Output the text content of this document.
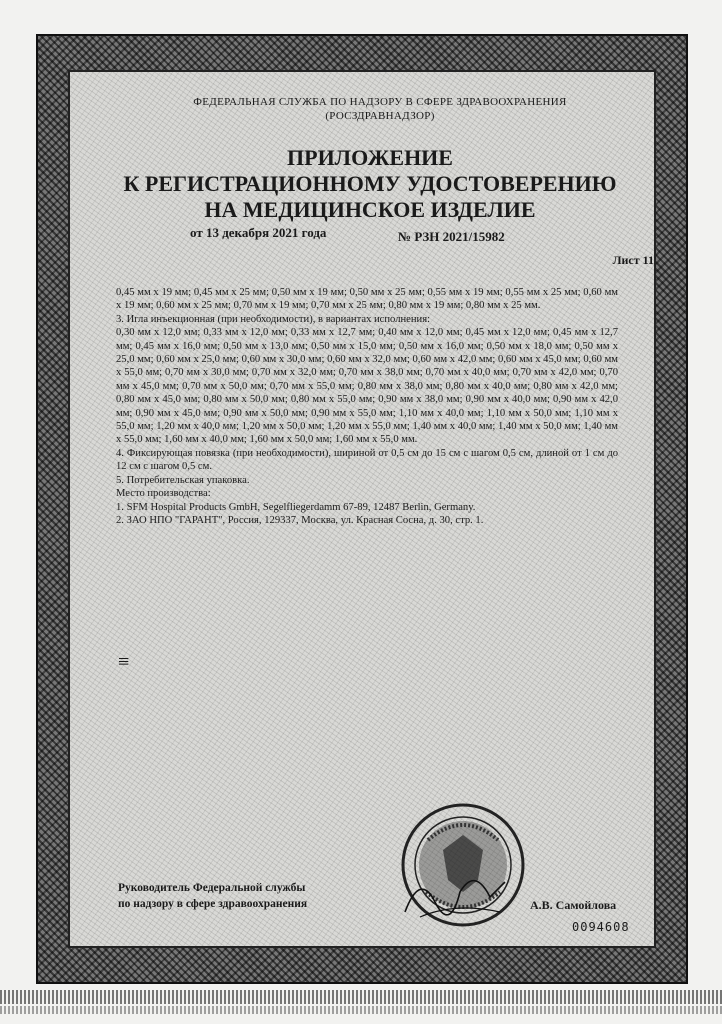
ФЕДЕРАЛЬНАЯ СЛУЖБА ПО НАДЗОРУ В СФЕРЕ ЗДРАВООХРАНЕНИЯ
(РОСЗДРАВНАДЗОР)
ПРИЛОЖЕНИЕ
К РЕГИСТРАЦИОННОМУ УДОСТОВЕРЕНИЮ
НА МЕДИЦИНСКОЕ ИЗДЕЛИЕ
от 13 декабря 2021 года	№ РЗН 2021/15982
Лист 11

0,45 мм x 19 мм; 0,45 мм x 25 мм; 0,50 мм x 19 мм; 0,50 мм x 25 мм; 0,55 мм x 19 мм; 0,55 мм x 25 мм; 0,60 мм x 19 мм; 0,60 мм x 25 мм; 0,70 мм x 19 мм; 0,70 мм x 25 мм; 0,80 мм x 19 мм; 0,80 мм x 25 мм.

3. Игла инъекционная (при необходимости), в вариантах исполнения:

0,30 мм x 12,0 мм; 0,33 мм x 12,0 мм; 0,33 мм x 12,7 мм; 0,40 мм x 12,0 мм; 0,45 мм x 12,0 мм; 0,45 мм x 12,7 мм; 0,45 мм x 16,0 мм; 0,50 мм x 13,0 мм; 0,50 мм x 15,0 мм; 0,50 мм x 16,0 мм; 0,50 мм x 18,0 мм; 0,50 мм x 25,0 мм; 0,60 мм x 25,0 мм; 0,60 мм x 30,0 мм; 0,60 мм x 32,0 мм; 0,60 мм x 42,0 мм; 0,60 мм x 45,0 мм; 0,60 мм x 55,0 мм; 0,70 мм x 30,0 мм; 0,70 мм x 32,0 мм; 0,70 мм x 38,0 мм; 0,70 мм x 40,0 мм; 0,70 мм x 42,0 мм; 0,70 мм x 45,0 мм; 0,70 мм x 50,0 мм; 0,70 мм x 55,0 мм; 0,80 мм x 38,0 мм; 0,80 мм x 40,0 мм; 0,80 мм x 42,0 мм; 0,80 мм x 45,0 мм; 0,80 мм x 50,0 мм; 0,80 мм x 55,0 мм; 0,90 мм x 38,0 мм; 0,90 мм x 40,0 мм; 0,90 мм x 42,0 мм; 0,90 мм x 45,0 мм; 0,90 мм x 50,0 мм; 0,90 мм x 55,0 мм; 1,10 мм x 40,0 мм; 1,10 мм x 50,0 мм; 1,10 мм x 55,0 мм; 1,20 мм x 40,0 мм; 1,20 мм x 50,0 мм; 1,20 мм x 55,0 мм; 1,40 мм x 40,0 мм; 1,40 мм x 50,0 мм; 1,40 мм x 55,0 мм; 1,60 мм x 40,0 мм; 1,60 мм x 50,0 мм; 1,60 мм x 55,0 мм.

4. Фиксирующая повязка (при необходимости), шириной от 0,5 см до 15 см с шагом 0,5 см, длиной от 1 см до 12 см с шагом 0,5 см.

5. Потребительская упаковка.

Место производства:

1. SFM Hospital Products GmbH, Segelfliegerdamm 67-89, 12487 Berlin, Germany.

2. ЗАО НПО "ГАРАНТ", Россия, 129337, Москва, ул. Красная Сосна, д. 30, стр. 1.

≡
Руководитель Федеральной службы
по надзору в сфере здравоохранения	А.В. Самойлова
0094608
